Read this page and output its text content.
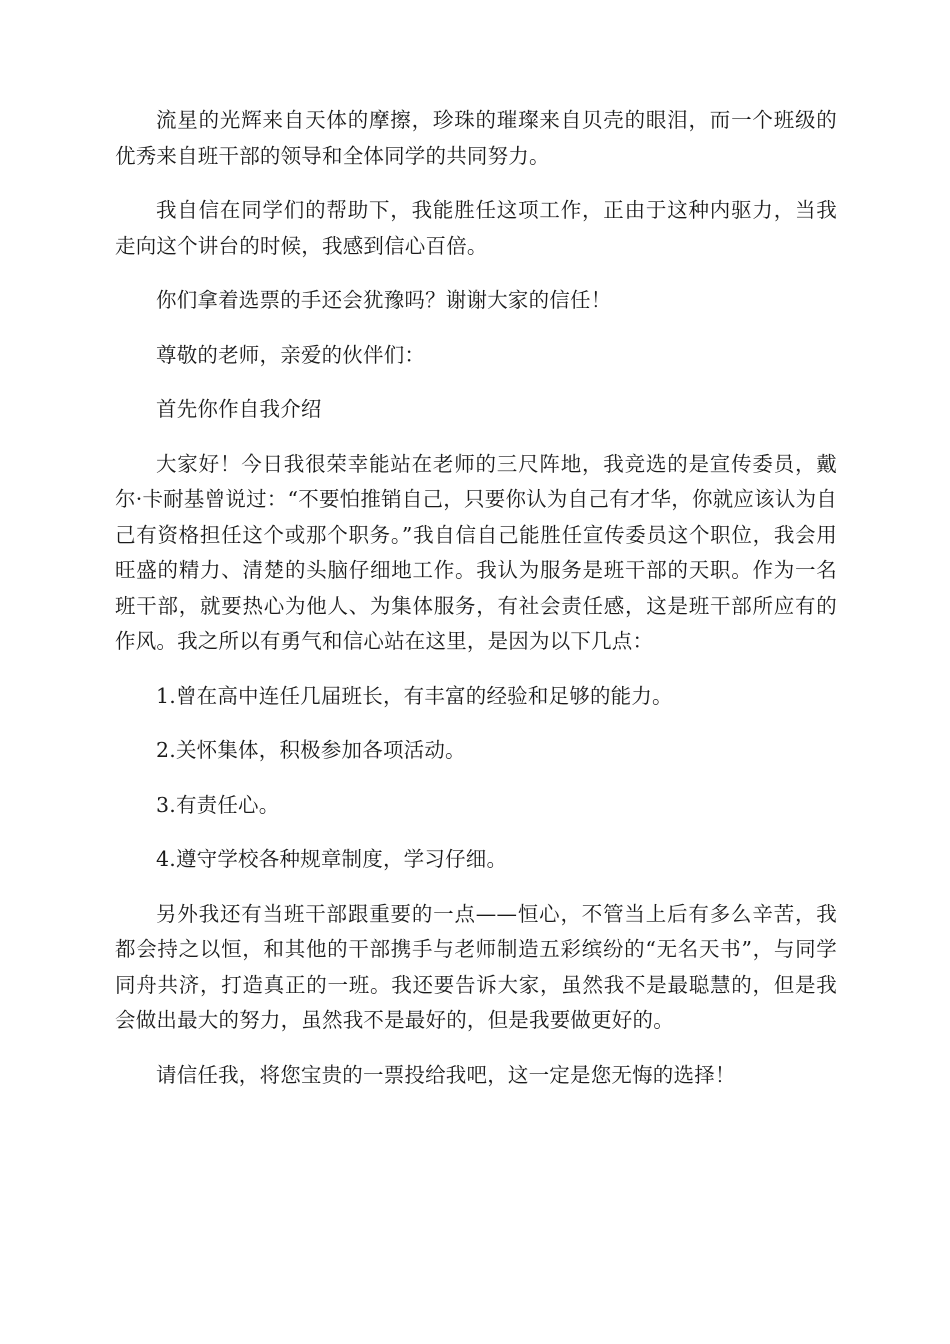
流星的光辉来自天体的摩擦，珍珠的璀璨来自贝壳的眼泪，而一个班级的优秀来自班干部的领导和全体同学的共同努力。

我自信在同学们的帮助下，我能胜任这项工作，正由于这种内驱力，当我走向这个讲台的时候，我感到信心百倍。

你们拿着选票的手还会犹豫吗？谢谢大家的信任！

尊敬的老师，亲爱的伙伴们：

首先你作自我介绍

大家好！今日我很荣幸能站在老师的三尺阵地，我竞选的是宣传委员，戴尔·卡耐基曾说过：“不要怕推销自己，只要你认为自己有才华，你就应该认为自己有资格担任这个或那个职务。”我自信自己能胜任宣传委员这个职位，我会用旺盛的精力、清楚的头脑仔细地工作。我认为服务是班干部的天职。作为一名班干部，就要热心为他人、为集体服务，有社会责任感，这是班干部所应有的作风。我之所以有勇气和信心站在这里，是因为以下几点：

1.曾在高中连任几届班长，有丰富的经验和足够的能力。

2.关怀集体，积极参加各项活动。

3.有责任心。

4.遵守学校各种规章制度，学习仔细。

另外我还有当班干部跟重要的一点——恒心，不管当上后有多么辛苦，我都会持之以恒，和其他的干部携手与老师制造五彩缤纷的“无名天书”，与同学同舟共济，打造真正的一班。我还要告诉大家，虽然我不是最聪慧的，但是我会做出最大的努力，虽然我不是最好的，但是我要做更好的。

请信任我，将您宝贵的一票投给我吧，这一定是您无悔的选择！
